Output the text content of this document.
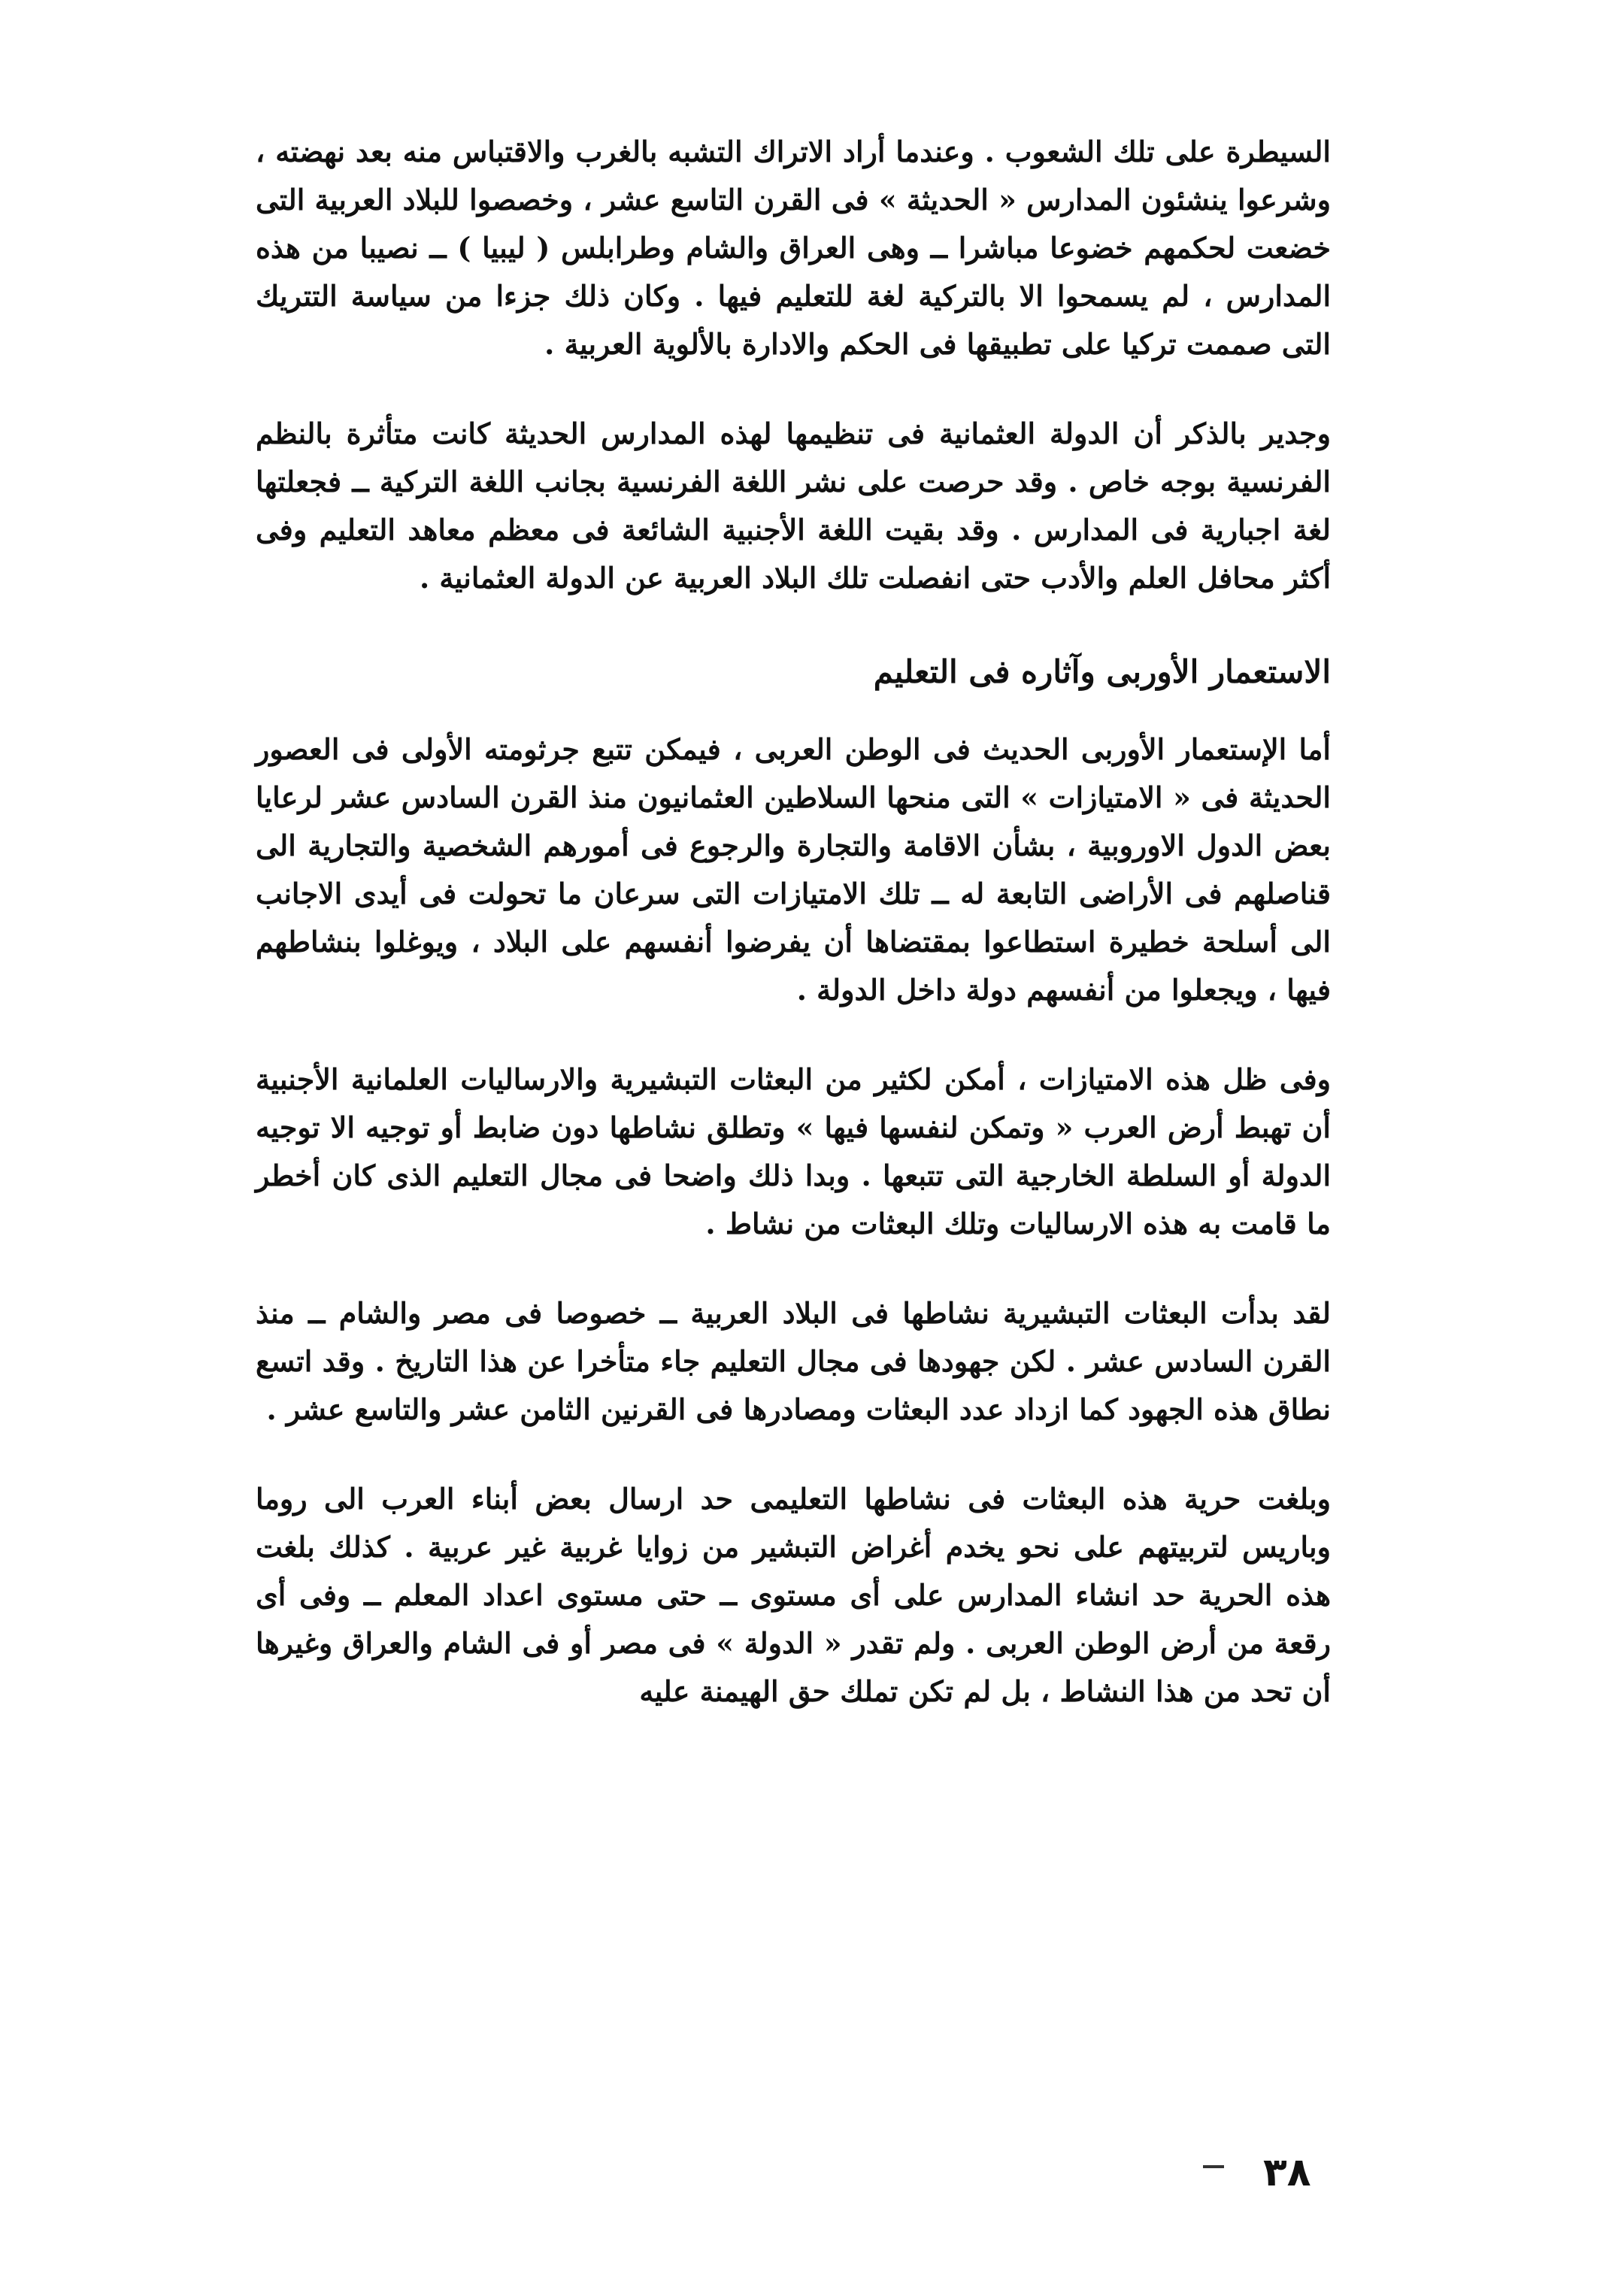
السيطرة على تلك الشعوب . وعندما أراد الاتراك التشبه بالغرب والاقتباس منه بعد نهضته ، وشرعوا ينشئون المدارس « الحديثة » فى القرن التاسع عشر ، وخصصوا للبلاد العربية التى خضعت لحكمهم خضوعا مباشرا ــ وهى العراق والشام وطرابلس ( ليبيا ) ــ نصيبا من هذه المدارس ، لم يسمحوا الا بالتركية لغة للتعليم فيها . وكان ذلك جزءا من سياسة التتريك التى صممت تركيا على تطبيقها فى الحكم والادارة بالألوية العربية .

وجدير بالذكر أن الدولة العثمانية فى تنظيمها لهذه المدارس الحديثة كانت متأثرة بالنظم الفرنسية بوجه خاص . وقد حرصت على نشر اللغة الفرنسية بجانب اللغة التركية ــ فجعلتها لغة اجبارية فى المدارس . وقد بقيت اللغة الأجنبية الشائعة فى معظم معاهد التعليم وفى أكثر محافل العلم والأدب حتى انفصلت تلك البلاد العربية عن الدولة العثمانية .

الاستعمار الأوربى وآثاره فى التعليم

أما الإستعمار الأوربى الحديث فى الوطن العربى ، فيمكن تتبع جرثومته الأولى فى العصور الحديثة فى « الامتيازات » التى منحها السلاطين العثمانيون منذ القرن السادس عشر لرعايا بعض الدول الاوروبية ، بشأن الاقامة والتجارة والرجوع فى أمورهم الشخصية والتجارية الى قناصلهم فى الأراضى التابعة له ــ تلك الامتيازات التى سرعان ما تحولت فى أيدى الاجانب الى أسلحة خطيرة استطاعوا بمقتضاها أن يفرضوا أنفسهم على البلاد ، ويوغلوا بنشاطهم فيها ، ويجعلوا من أنفسهم دولة داخل الدولة .

وفى ظل هذه الامتيازات ، أمكن لكثير من البعثات التبشيرية والارساليات العلمانية الأجنبية أن تهبط أرض العرب « وتمكن لنفسها فيها » وتطلق نشاطها دون ضابط أو توجيه الا توجيه الدولة أو السلطة الخارجية التى تتبعها . وبدا ذلك واضحا فى مجال التعليم الذى كان أخطر ما قامت به هذه الارساليات وتلك البعثات من نشاط .

لقد بدأت البعثات التبشيرية نشاطها فى البلاد العربية ــ خصوصا فى مصر والشام ــ منذ القرن السادس عشر . لكن جهودها فى مجال التعليم جاء متأخرا عن هذا التاريخ . وقد اتسع نطاق هذه الجهود كما ازداد عدد البعثات ومصادرها فى القرنين الثامن عشر والتاسع عشر .

وبلغت حرية هذه البعثات فى نشاطها التعليمى حد ارسال بعض أبناء العرب الى روما وباريس لتربيتهم على نحو يخدم أغراض التبشير من زوايا غربية غير عربية . كذلك بلغت هذه الحرية حد انشاء المدارس على أى مستوى ــ حتى مستوى اعداد المعلم ــ وفى أى رقعة من أرض الوطن العربى . ولم تقدر « الدولة » فى مصر أو فى الشام والعراق وغيرها أن تحد من هذا النشاط ، بل لم تكن تملك حق الهيمنة عليه

٣٨
